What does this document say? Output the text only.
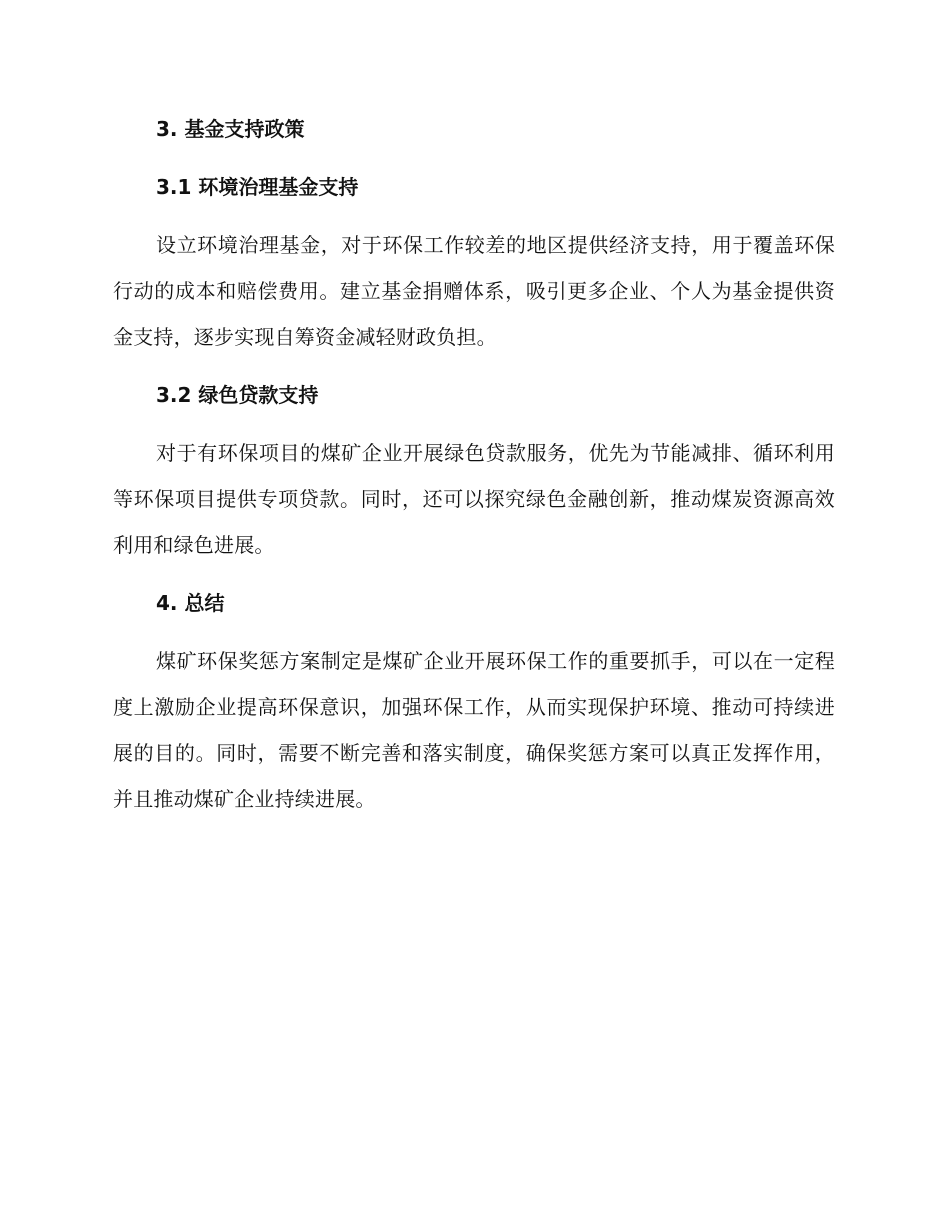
3. 基金支持政策
3.1 环境治理基金支持

设立环境治理基金，对于环保工作较差的地区提供经济支持，用于覆盖环保行动的成本和赔偿费用。建立基金捐赠体系，吸引更多企业、个人为基金提供资金支持，逐步实现自筹资金减轻财政负担。

3.2 绿色贷款支持

对于有环保项目的煤矿企业开展绿色贷款服务，优先为节能减排、循环利用等环保项目提供专项贷款。同时，还可以探究绿色金融创新，推动煤炭资源高效利用和绿色进展。

4. 总结

煤矿环保奖惩方案制定是煤矿企业开展环保工作的重要抓手，可以在一定程度上激励企业提高环保意识，加强环保工作，从而实现保护环境、推动可持续进展的目的。同时，需要不断完善和落实制度，确保奖惩方案可以真正发挥作用，并且推动煤矿企业持续进展。
